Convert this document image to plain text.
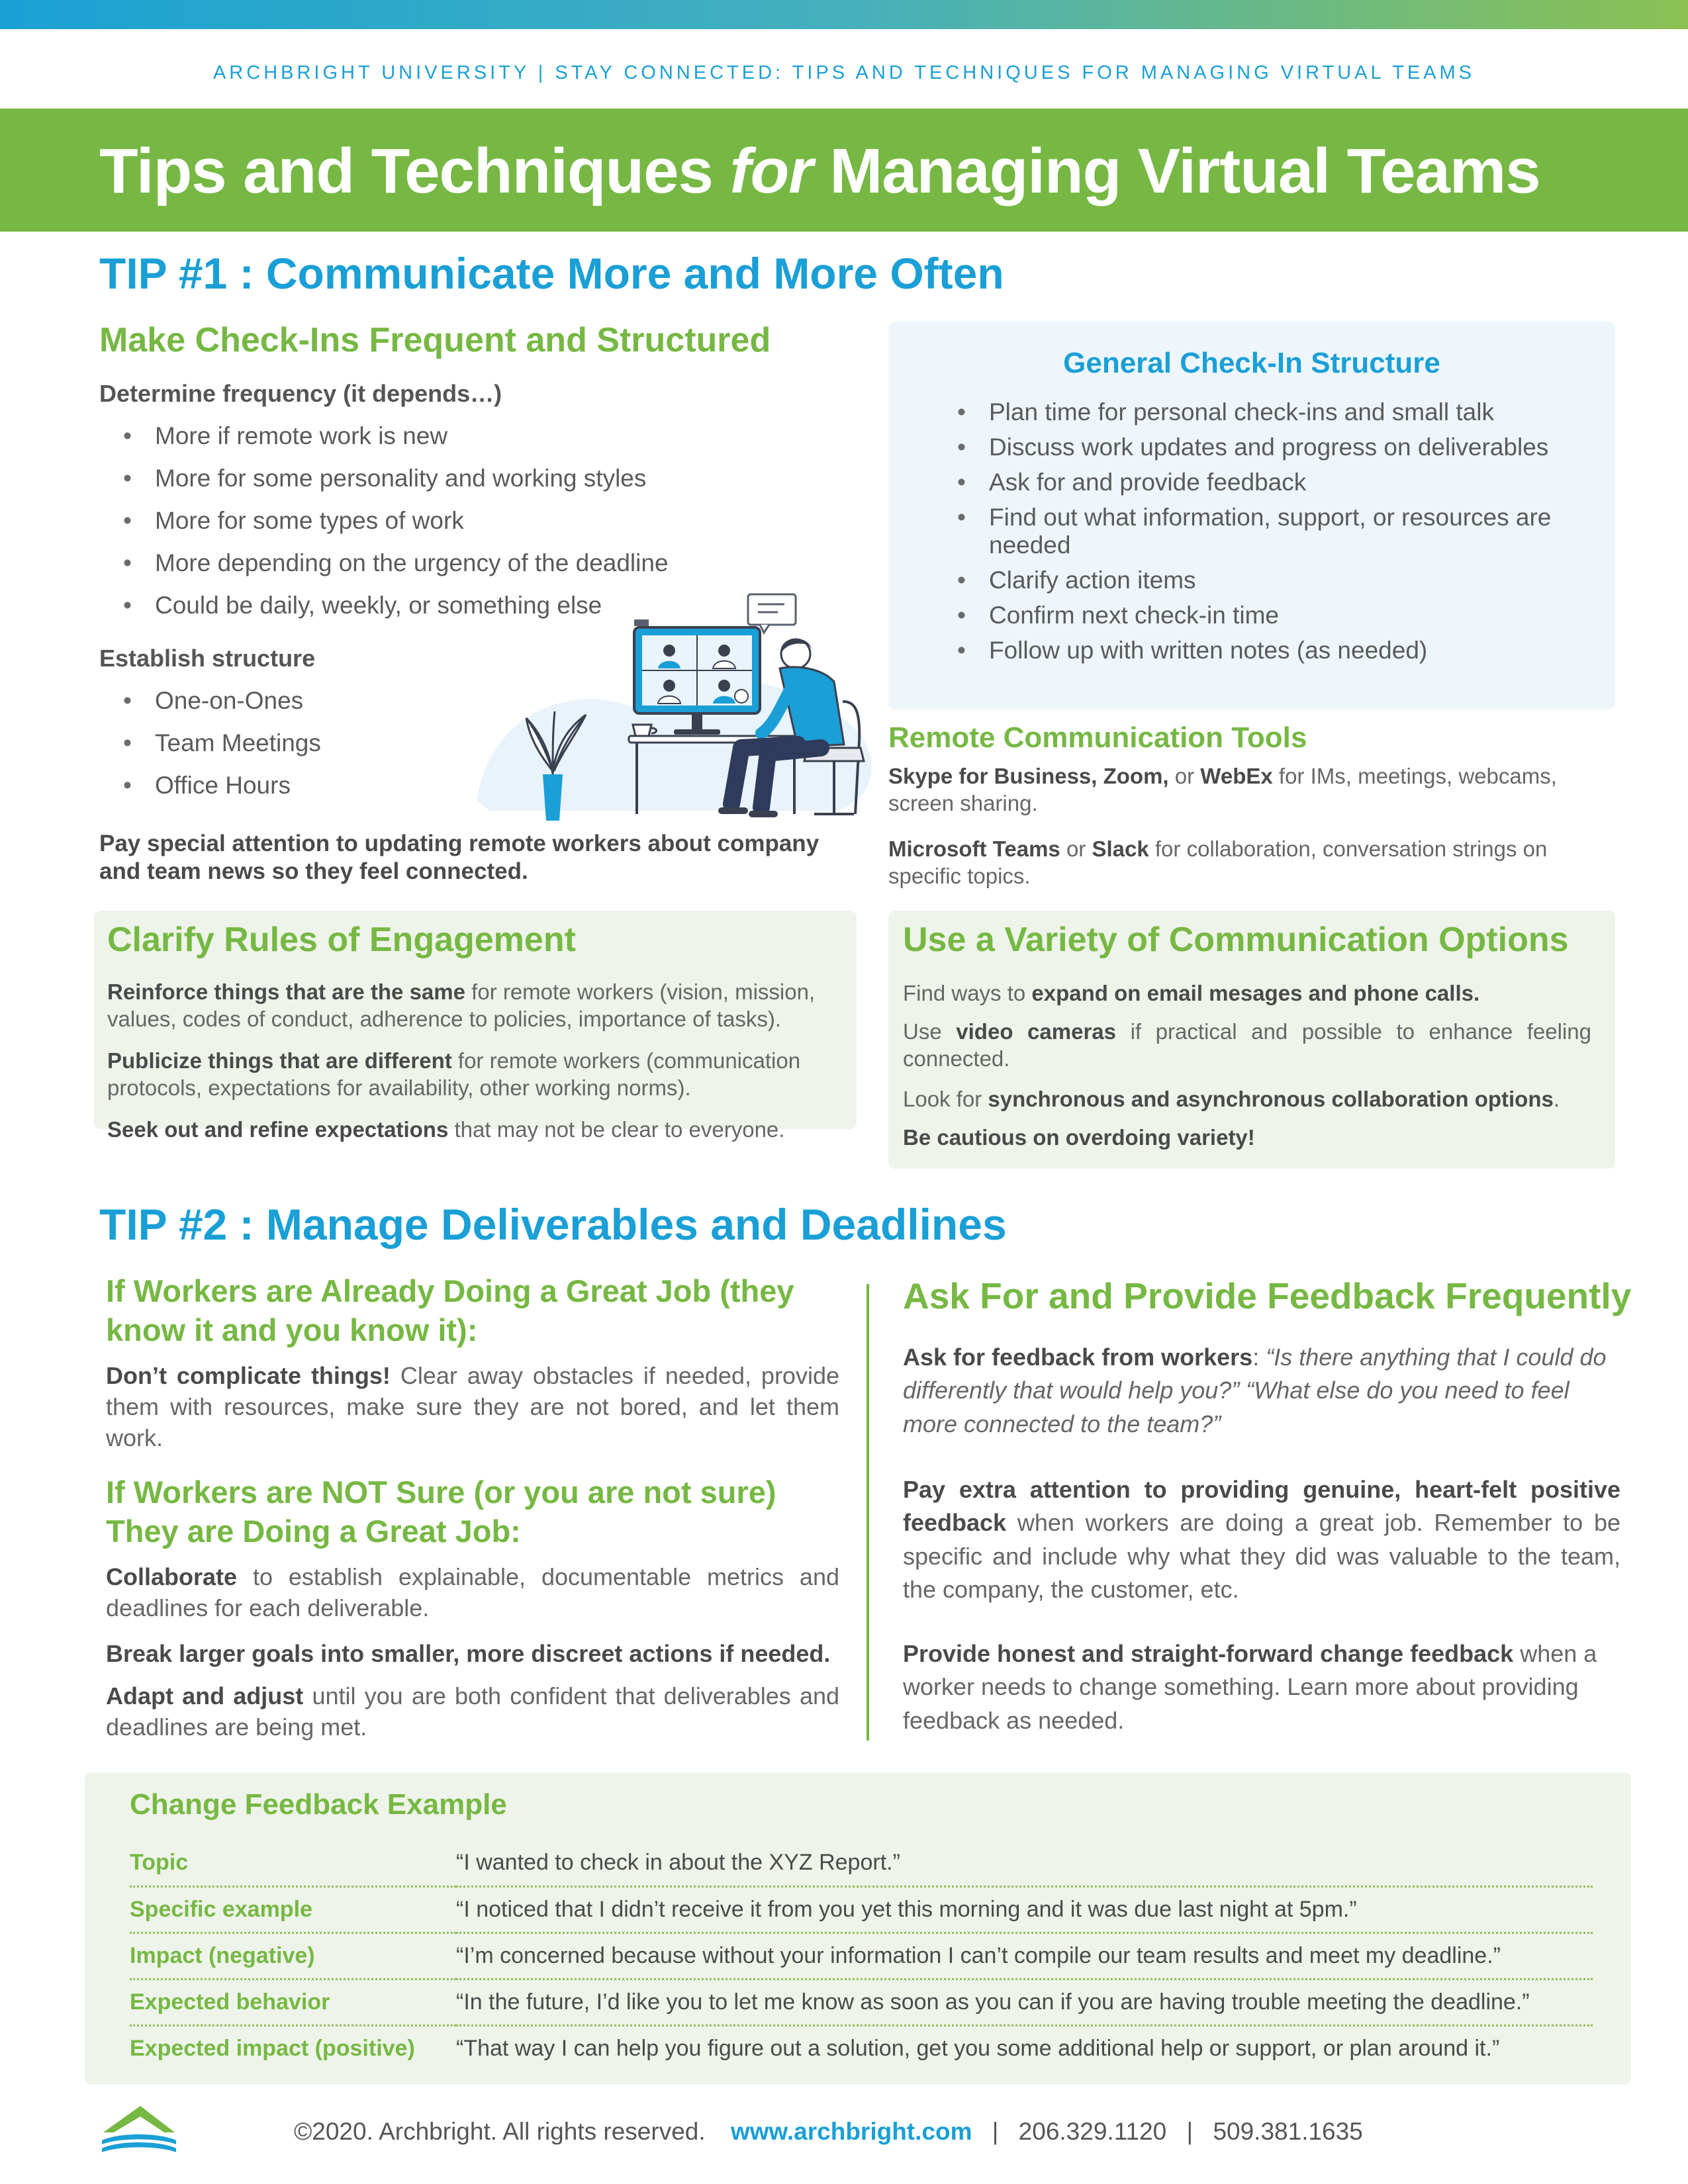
ARCHBRIGHT UNIVERSITY | STAY CONNECTED: TIPS AND TECHNIQUES FOR MANAGING VIRTUAL TEAMS
Tips and Techniques for Managing Virtual Teams
TIP #1 : Communicate More and More Often
Make Check-Ins Frequent and Structured
Determine frequency (it depends…)
• More if remote work is new
• More for some personality and working styles
• More for some types of work
• More depending on the urgency of the deadline
• Could be daily, weekly, or something else
Establish structure
• One-on-Ones
• Team Meetings
• Office Hours
Pay special attention to updating remote workers about company and team news so they feel connected.
General Check-In Structure
• Plan time for personal check-ins and small talk
• Discuss work updates and progress on deliverables
• Ask for and provide feedback
• Find out what information, support, or resources are needed
• Clarify action items
• Confirm next check-in time
• Follow up with written notes (as needed)
Remote Communication Tools
Skype for Business, Zoom, or WebEx for IMs, meetings, webcams, screen sharing.
Microsoft Teams or Slack for collaboration, conversation strings on specific topics.
Clarify Rules of Engagement
Reinforce things that are the same for remote workers (vision, mission, values, codes of conduct, adherence to policies, importance of tasks).
Publicize things that are different for remote workers (communication protocols, expectations for availability, other working norms).
Seek out and refine expectations that may not be clear to everyone.
Use a Variety of Communication Options
Find ways to expand on email mesages and phone calls.
Use video cameras if practical and possible to enhance feeling connected.
Look for synchronous and asynchronous collaboration options.
Be cautious on overdoing variety!
TIP #2 : Manage Deliverables and Deadlines
If Workers are Already Doing a Great Job (they know it and you know it):
Don’t complicate things! Clear away obstacles if needed, provide them with resources, make sure they are not bored, and let them work.
If Workers are NOT Sure (or you are not sure) They are Doing a Great Job:
Collaborate to establish explainable, documentable metrics and deadlines for each deliverable.
Break larger goals into smaller, more discreet actions if needed.
Adapt and adjust until you are both confident that deliverables and deadlines are being met.
Ask For and Provide Feedback Frequently
Ask for feedback from workers: “Is there anything that I could do differently that would help you?” “What else do you need to feel more connected to the team?”
Pay extra attention to providing genuine, heart-felt positive feedback when workers are doing a great job. Remember to be specific and include why what they did was valuable to the team, the company, the customer, etc.
Provide honest and straight-forward change feedback when a worker needs to change something. Learn more about providing feedback as needed.
Change Feedback Example
Topic	“I wanted to check in about the XYZ Report.”
Specific example	“I noticed that I didn’t receive it from you yet this morning and it was due last night at 5pm.”
Impact (negative)	“I’m concerned because without your information I can’t compile our team results and meet my deadline.”
Expected behavior	“In the future, I’d like you to let me know as soon as you can if you are having trouble meeting the deadline.”
Expected impact (positive)	“That way I can help you figure out a solution, get you some additional help or support, or plan around it.”
©2020. Archbright. All rights reserved. www.archbright.com | 206.329.1120 | 509.381.1635
